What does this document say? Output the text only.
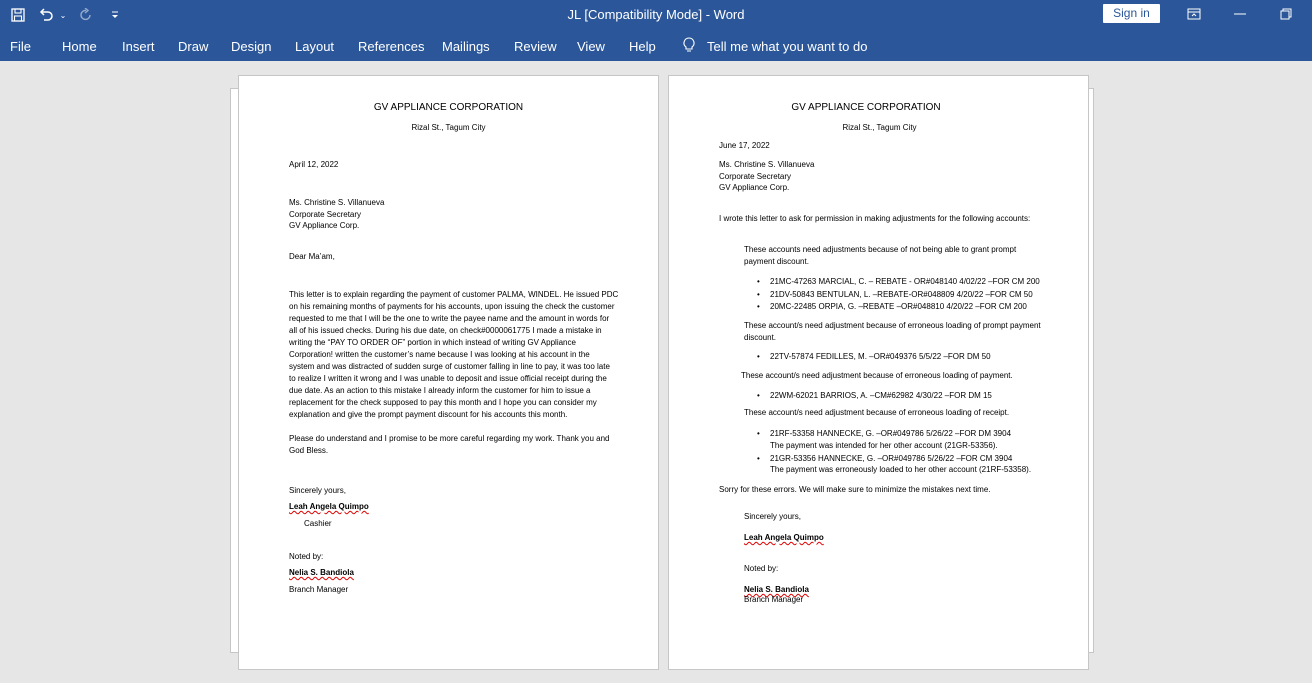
⌄	JL [Compatibility Mode] - Word	Sign in
File Home Insert Draw Design Layout References Mailings Review View Help	Tell me what you want to do
GV APPLIANCE CORPORATION
Rizal St., Tagum City
April 12, 2022
Ms. Christine S. Villanueva
Corporate Secretary
GV Appliance Corp.
Dear Ma’am,
This letter is to explain regarding the payment of customer PALMA, WINDEL. He issued PDC
on his remaining months of payments for his accounts, upon issuing the check the customer
requested to me that I will be the one to write the payee name and the amount in words for
all of his issued checks. During his due date, on check#0000061775 I made a mistake in
writing the “PAY TO ORDER OF” portion in which instead of writing GV Appliance
Corporation! written the customer’s name because I was looking at his account in the
system and was distracted of sudden surge of customer falling in line to pay, it was too late
to realize I written it wrong and I was unable to deposit and issue official receipt during the
due date. As an action to this mistake I already inform the customer for him to issue a
replacement for the check supposed to pay this month and I hope you can consider my
explanation and give the prompt payment discount for his accounts this month.
Please do understand and I promise to be more careful regarding my work. Thank you and
God Bless.
Sincerely yours,
Leah Angela Quimpo
Cashier
Noted by:
Nelia S. Bandiola
Branch Manager
GV APPLIANCE CORPORATION
Rizal St., Tagum City
June 17, 2022
Ms. Christine S. Villanueva
Corporate Secretary
GV Appliance Corp.
I wrote this letter to ask for permission in making adjustments for the following accounts:
These accounts need adjustments because of not being able to grant prompt
payment discount.
• 21MC-47263 MARCIAL, C. – REBATE - OR#048140 4/02/22 –FOR CM 200
• 21DV-50843 BENTULAN, L. –REBATE-OR#048809 4/20/22 –FOR CM 50
• 20MC-22485 ORPIA, G. –REBATE –OR#048810 4/20/22 –FOR CM 200
These account/s need adjustment because of erroneous loading of prompt payment
discount.
• 22TV-57874 FEDILLES, M. –OR#049376 5/5/22 –FOR DM 50
These account/s need adjustment because of erroneous loading of payment.
• 22WM-62021 BARRIOS, A. –CM#62982 4/30/22 –FOR DM 15
These account/s need adjustment because of erroneous loading of receipt.
• 21RF-53358 HANNECKE, G. –OR#049786 5/26/22 –FOR DM 3904
The payment was intended for her other account (21GR-53356).
• 21GR-53356 HANNECKE, G. –OR#049786 5/26/22 –FOR CM 3904
The payment was erroneously loaded to her other account (21RF-53358).
Sorry for these errors. We will make sure to minimize the mistakes next time.
Sincerely yours,
Leah Angela Quimpo
Noted by:
Nelia S. Bandiola
Branch Manager
